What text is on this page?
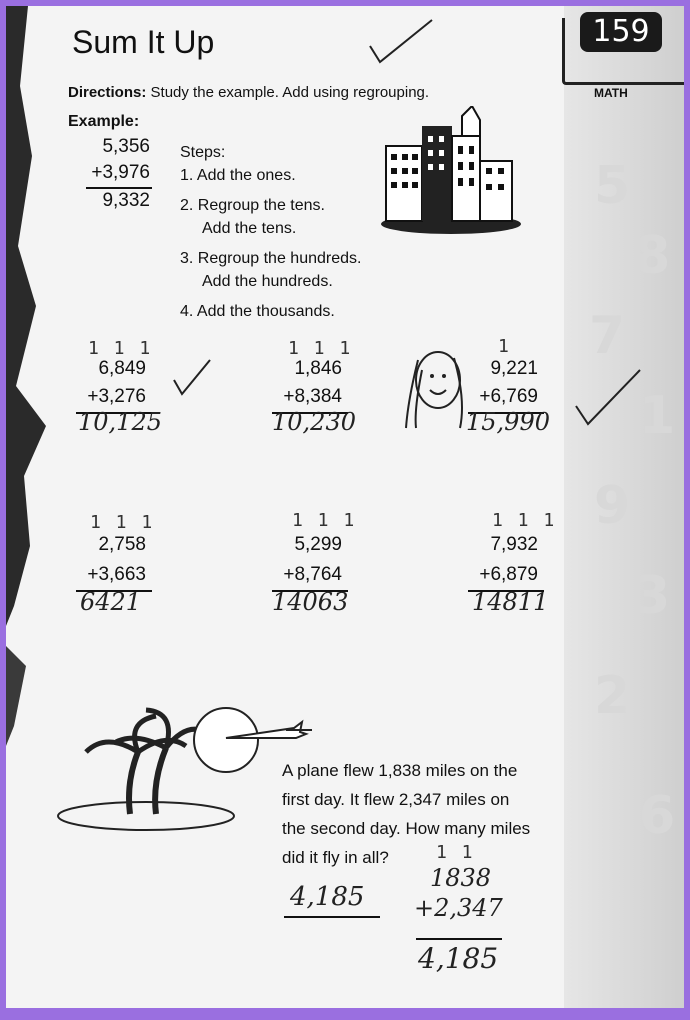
5
8
7
1
9
3
2
6
Sum It Up	159
MATH
Directions: Study the example. Add using regrouping.
Example:
5,356
+3,976
9,332
Steps:
1. Add the ones.
2. Regroup the tens.
Add the tens.
3. Regroup the hundreds.
Add the hundreds.
4. Add the thousands.
1 1 1
6,849
+3,276
10,125
1 1 1
1,846
+8,384
10,230
1
9,221
+6,769
15,990
1 1 1
2,758
+3,663
6421
1 1 1
5,299
+8,764
14063
1 1 1
7,932
+6,879
14811
A plane flew 1,838 miles on the
first day. It flew 2,347 miles on
the second day. How many miles
did it fly in all?
4,185
1 1
1838
+2,347
4,185
